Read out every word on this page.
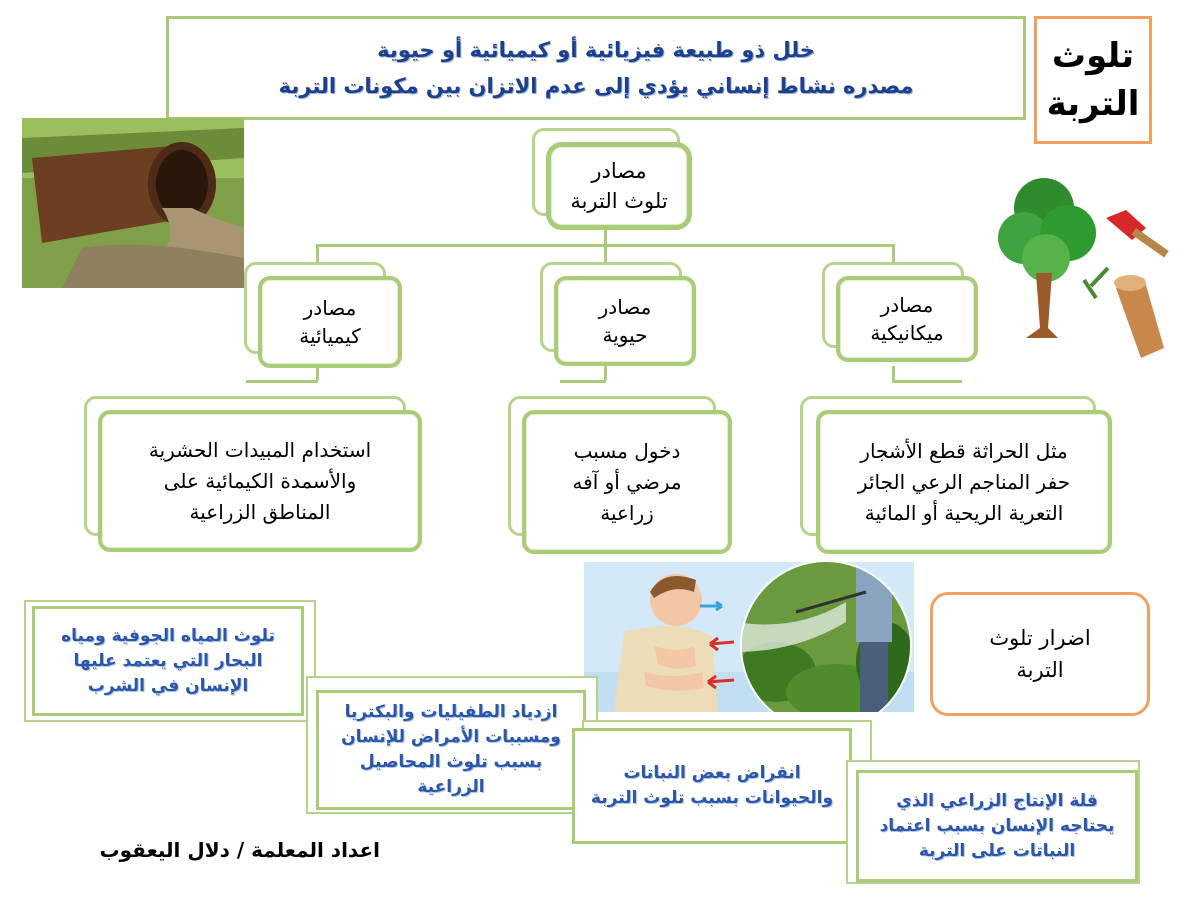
تلوث
التربة
خلل ذو طبيعة فيزيائية أو كيميائية أو حيوية
مصدره نشاط إنساني يؤدي إلى عدم الاتزان بين مكونات التربة
مصادر
تلوث التربة
مصادر
ميكانيكية
مصادر
حيوية
مصادر
كيميائية
مثل الحراثة قطع الأشجار
حفر المناجم الرعي الجائر
التعرية الريحية أو المائية
دخول مسبب
مرضي أو آفه
زراعية
استخدام المبيدات الحشرية
والأسمدة الكيمائية على
المناطق الزراعية
اضرار تلوث
التربة
تلوث المياه الجوفية ومياه
البحار التي يعتمد عليها
الإنسان في الشرب
ازدياد الطفيليات والبكتريا
ومسببات الأمراض للإنسان
بسبب تلوث المحاصيل
الزراعية
انقراض بعض النباتات
والحيوانات بسبب تلوث التربة	قلة الإنتاج الزراعي الذي
يحتاجه الإنسان بسبب اعتماد
النباتات على التربة
اعداد المعلمة / دلال اليعقوب
